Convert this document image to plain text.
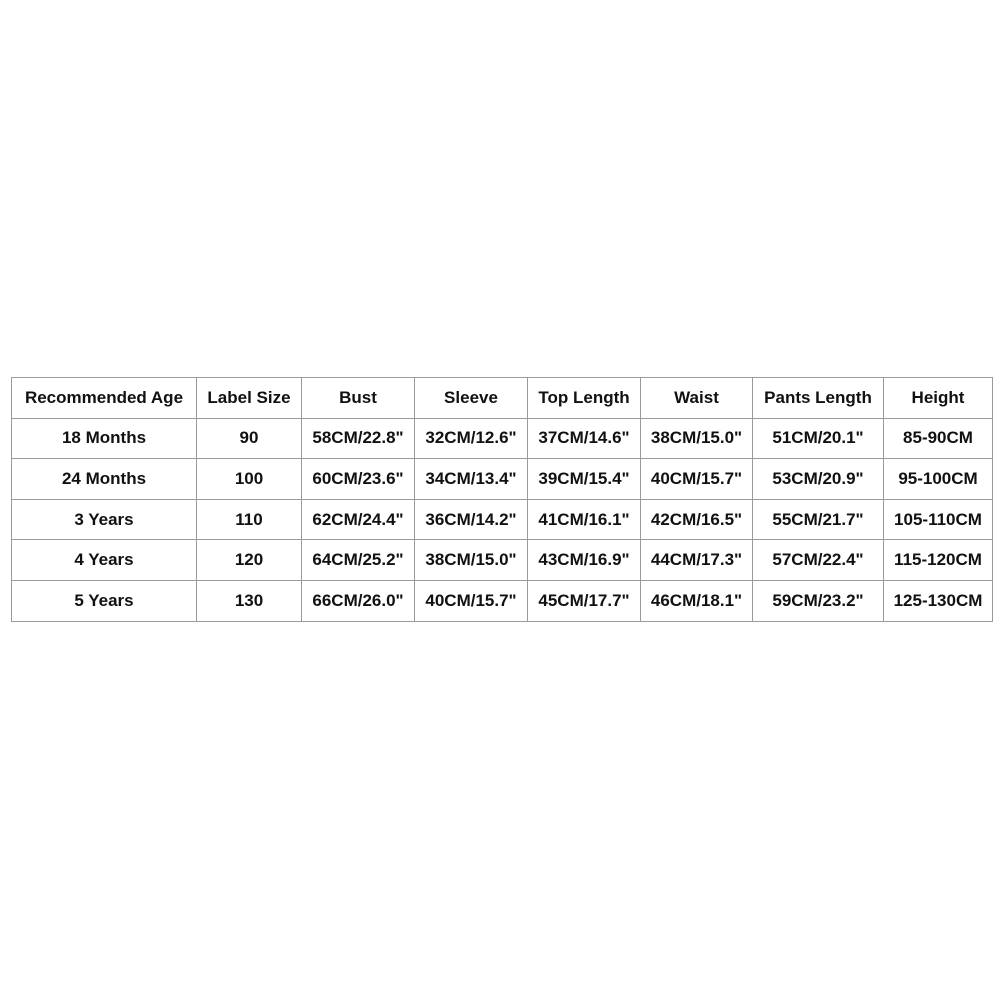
Recommended Age	Label Size	Bust	Sleeve	Top Length	Waist	Pants Length	Height
18 Months	90	58CM/22.8"	32CM/12.6"	37CM/14.6"	38CM/15.0"	51CM/20.1"	85-90CM
24 Months	100	60CM/23.6"	34CM/13.4"	39CM/15.4"	40CM/15.7"	53CM/20.9"	95-100CM
3 Years	110	62CM/24.4"	36CM/14.2"	41CM/16.1"	42CM/16.5"	55CM/21.7"	105-110CM
4 Years	120	64CM/25.2"	38CM/15.0"	43CM/16.9"	44CM/17.3"	57CM/22.4"	115-120CM
5 Years	130	66CM/26.0"	40CM/15.7"	45CM/17.7"	46CM/18.1"	59CM/23.2"	125-130CM
